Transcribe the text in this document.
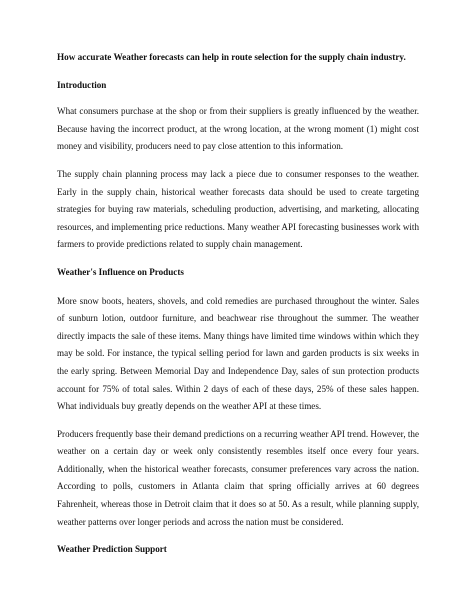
How accurate Weather forecasts can help in route selection for the supply chain industry.
Introduction
What consumers purchase at the shop or from their suppliers is greatly influenced by the weather. Because having the incorrect product, at the wrong location, at the wrong moment (1) might cost money and visibility, producers need to pay close attention to this information.
The supply chain planning process may lack a piece due to consumer responses to the weather. Early in the supply chain, historical weather forecasts data should be used to create targeting strategies for buying raw materials, scheduling production, advertising, and marketing, allocating resources, and implementing price reductions. Many weather API forecasting businesses work with farmers to provide predictions related to supply chain management.
Weather's Influence on Products
More snow boots, heaters, shovels, and cold remedies are purchased throughout the winter. Sales of sunburn lotion, outdoor furniture, and beachwear rise throughout the summer. The weather directly impacts the sale of these items. Many things have limited time windows within which they may be sold. For instance, the typical selling period for lawn and garden products is six weeks in the early spring. Between Memorial Day and Independence Day, sales of sun protection products account for 75% of total sales. Within 2 days of each of these days, 25% of these sales happen. What individuals buy greatly depends on the weather API at these times.
Producers frequently base their demand predictions on a recurring weather API trend. However, the weather on a certain day or week only consistently resembles itself once every four years. Additionally, when the historical weather forecasts, consumer preferences vary across the nation. According to polls, customers in Atlanta claim that spring officially arrives at 60 degrees Fahrenheit, whereas those in Detroit claim that it does so at 50. As a result, while planning supply, weather patterns over longer periods and across the nation must be considered.
Weather Prediction Support
